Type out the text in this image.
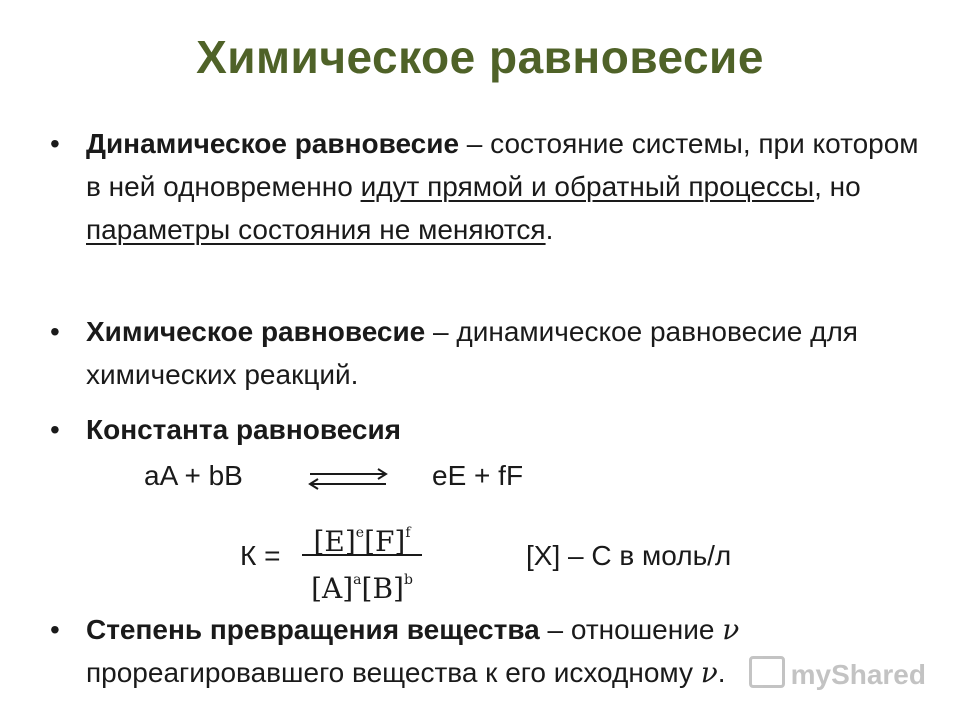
Химическое равновесие

• Динамическое равновесие – состояние системы, при котором в ней одновременно идут прямой и обратный процессы, но параметры состояния не меняются.

• Химическое равновесие – динамическое равновесие для химических реакций.

• Константа равновесия

• Степень превращения вещества – отношение ν прореагировавшего вещества к его исходному ν.

aA + bB ⇌ eE + fF
К =	$[E]^e[F]^f$
$[A]^a[B]^b$
[X] – C в моль/л
myShared
